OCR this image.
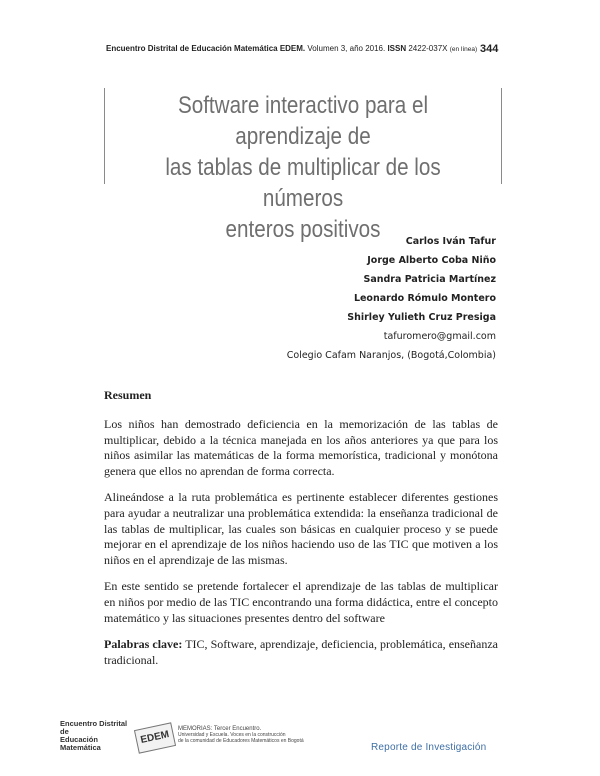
Encuentro Distrital de Educación Matemática EDEM. Volumen 3, año 2016. ISSN 2422-037X (en línea) 344
Software interactivo para el aprendizaje de
las tablas de multiplicar de los números
enteros positivos	Carlos Iván Tafur
Jorge Alberto Coba Niño
Sandra Patricia Martínez
Leonardo Rómulo Montero
Shirley Yulieth Cruz Presiga
tafuromero@gmail.com
Colegio Cafam Naranjos, (Bogotá,Colombia)
Resumen

Los niños han demostrado deficiencia en la memorización de las tablas de multiplicar, debido a la técnica manejada en los años anteriores ya que para los niños asimilar las matemáticas de la forma memorística, tradicional y monótona genera que ellos no aprendan de forma correcta.

Alineándose a la ruta problemática es pertinente establecer diferentes gestiones para ayudar a neutralizar una problemática extendida: la enseñanza tradicional de las tablas de multiplicar, las cuales son básicas en cualquier proceso y se puede mejorar en el aprendizaje de los niños haciendo uso de las TIC que motiven a los niños en el aprendizaje de las mismas.

En este sentido se pretende fortalecer el aprendizaje de las tablas de multiplicar en niños por medio de las TIC encontrando una forma didáctica, entre el concepto matemático y las situaciones presentes dentro del software

Palabras clave: TIC, Software, aprendizaje, deficiencia, problemática, enseñanza tradicional.

Encuentro Distrital de
Educación Matemática
EDEM
MEMORIAS: Tercer Encuentro.
Universidad y Escuela. Voces en la construcción
de la comunidad de Educadores Matemáticos en Bogotá
Reporte de Investigación
